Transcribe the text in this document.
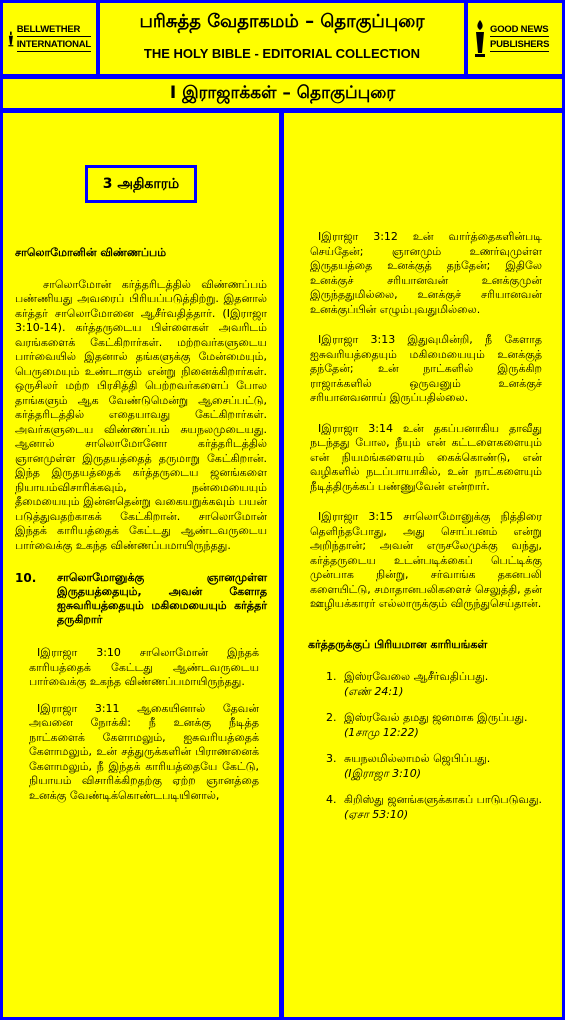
BELLWETHER
INTERNATIONAL
பரிசுத்த வேதாகமம் – தொகுப்புரை
THE HOLY BIBLE - EDITORIAL COLLECTION
GOOD NEWS
PUBLISHERS
I இராஜாக்கள் – தொகுப்புரை
3 அதிகாரம்
சாலொமோனின் விண்ணப்பம்
சாலொமோன் கர்த்தரிடத்தில் விண்ணப்பம் பண்ணியது அவரைப் பிரியப்படுத்திற்று. இதனால் கர்த்தர் சாலொமோனை ஆசீர்வதித்தார். (Iஇராஜா 3:10-14). கர்த்தருடைய பிள்ளைகள் அவரிடம் வரங்களைக் கேட்கிறார்கள். மற்றவர்களுடைய பார்வையில் இதனால் தங்களுக்கு மேன்மையும், பெருமையும் உண்டாகும் என்று நினைக்கிறார்கள். ஒருசிலர் மற்ற பிரசித்தி பெற்றவர்களைப் போல தாங்களும் ஆக வேண்டுமென்று ஆசைப்பட்டு, கர்த்தரிடத்தில் எதையாவது கேட்கிறார்கள். அவர்களுடைய விண்ணப்பம் சுயநலமுடையது. ஆனால் சாலொமோனோ கர்த்தரிடத்தில் ஞானமுள்ள இருதயத்தைத் தருமாறு கேட்கிறான். இந்த இருதயத்தைக் கர்த்தருடைய ஜனங்களை நியாயம்விசாரிக்கவும், நன்மையையும் தீமையையும் இன்னதென்று வகையறுக்கவும் பயன் படுத்துவதற்காகக் கேட்கிறான். சாலொமோன் இந்தக் காரியத்தைக் கேட்டது ஆண்டவருடைய பார்வைக்கு உகந்த விண்ணப்பமாயிருந்தது.
10.	சாலொமோனுக்கு ஞானமுள்ள இருதயத்தையும், அவன் கேளாத ஐசுவரியத்தையும் மகிமையையும் கர்த்தர் தருகிறார்
Iஇராஜா 3:10 சாலொமோன் இந்தக் காரியத்தைக் கேட்டது ஆண்டவருடைய பார்வைக்கு உகந்த விண்ணப்பமாயிருந்தது.
Iஇராஜா 3:11 ஆகையினால் தேவன் அவனை நோக்கி: நீ உனக்கு நீடித்த நாட்களைக் கேளாமலும், ஐசுவரியத்தைக் கேளாமலும், உன் சத்துருக்களின் பிராணனைக் கேளாமலும், நீ இந்தக் காரியத்தையே கேட்டு, நியாயம் விசாரிக்கிறதற்கு ஏற்ற ஞானத்தை உனக்கு வேண்டிக்கொண்டபடியினால்,
Iஇராஜா 3:12 உன் வார்த்தைகளின்படி செய்தேன்; ஞானமும் உணர்வுமுள்ள இருதயத்தை உனக்குத் தந்தேன்; இதிலே உனக்குச் சரியானவன் உனக்குமுன் இருந்ததுமில்லை, உனக்குச் சரியானவன் உனக்குப்பின் எழும்புவதுமில்லை.
Iஇராஜா 3:13 இதுவுமின்றி, நீ கேளாத ஐசுவரியத்தையும் மகிமையையும் உனக்குத் தந்தேன்; உன் நாட்களில் இருக்கிற ராஜாக்களில் ஒருவனும் உனக்குச் சரியானவனாய் இருப்பதில்லை.
Iஇராஜா 3:14 உன் தகப்பனாகிய தாவீது நடந்தது போல, நீயும் என் கட்டளைகளையும் என் நியமங்களையும் கைக்கொண்டு, என் வழிகளில் நடப்பாயாகில், உன் நாட்களையும் நீடித்திருக்கப் பண்ணுவேன் என்றார்.
Iஇராஜா 3:15 சாலொமோனுக்கு நித்திரை தெளிந்தபோது, அது சொப்பனம் என்று அறிந்தான்; அவன் எருசலேமுக்கு வந்து, கர்த்தருடைய உடன்படிக்கைப் பெட்டிக்கு முன்பாக நின்று, சர்வாங்க தகனபலி களையிட்டு, சமாதானபலிகளைச் செலுத்தி, தன் ஊழியக்காரர் எல்லாருக்கும் விருந்துசெய்தான்.
கர்த்தருக்குப் பிரியமான காரியங்கள்
1. இஸ்ரவேலை ஆசீர்வதிப்பது.
(எண் 24:1)
2. இஸ்ரவேல் தமது ஜனமாக இருப்பது.
(1சாமு 12:22)
3. சுயநலமில்லாமல் ஜெபிப்பது.
(Iஇராஜா 3:10)
4. கிறிஸ்து ஜனங்களுக்காகப் பாடுபடுவது. (ஏசா 53:10)
